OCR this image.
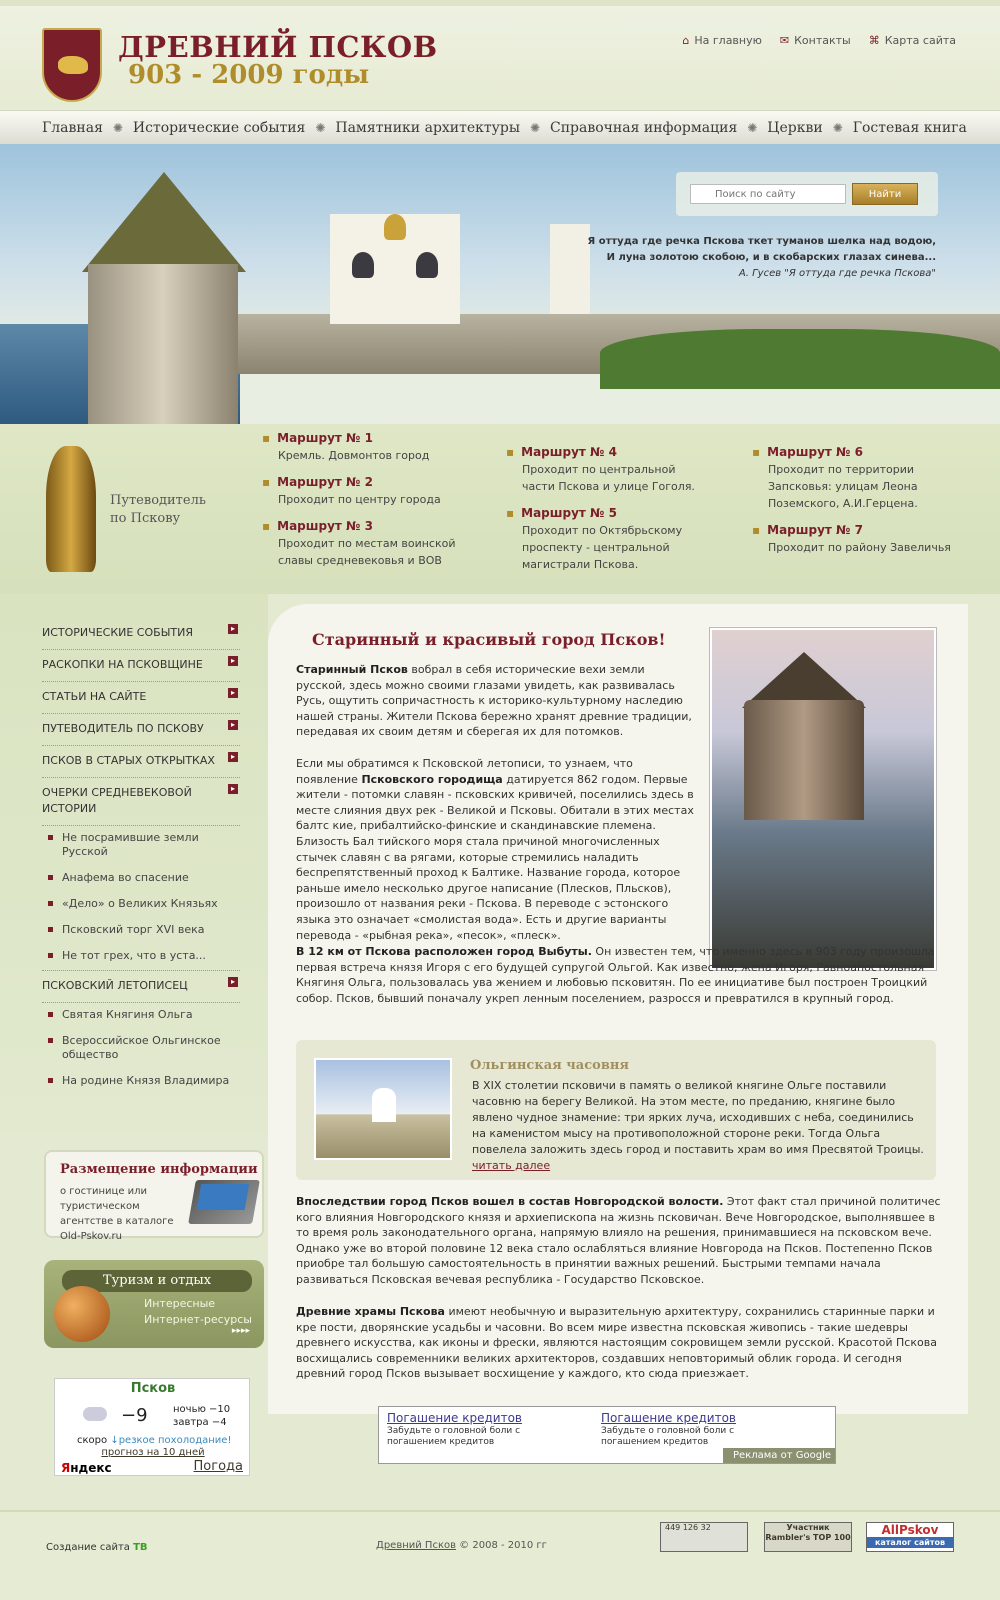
ДРЕВНИЙ ПСКОВ
903 - 2009 годы
⌂ На главную ✉ Контакты ⌘ Карта сайта
Главная ✺ Исторические события ✺ Памятники архитектуры ✺ Справочная информация ✺ Церкви ✺ Гостевая книга
Поиск по сайту
Найти
Я оттуда где речка Псковa ткет туманов шелка над водою,
И луна золотою скобою, и в скобарских глазах синева...
А. Гусев "Я оттуда где речка Псковa"
Путеводитель
по Пскову
▪ Маршрут № 1
Кремль. Довмонтов город
▪ Маршрут № 2
Проходит по центру города
▪ Маршрут № 3
Проходит по местам воинской славы средневековья и ВОВ
▪ Маршрут № 4
Проходит по центральной части Пскова и улице Гоголя.
▪ Маршрут № 5
Проходит по Октябрьскому проспекту - центральной магистрали Пскова.
▪ Маршрут № 6
Проходит по территории Запсковья: улицам Леона Поземского, А.И.Герцена.
▪ Маршрут № 7
Проходит по району Завеличья
ИСТОРИЧЕСКИЕ СОБЫТИЯ ▸
РАСКОПКИ НА ПСКОВЩИНЕ ▸
СТАТЬИ НА САЙТЕ ▸
ПУТЕВОДИТЕЛЬ ПО ПСКОВУ ▸
ПСКОВ В СТАРЫХ ОТКРЫТКАХ ▸
ОЧЕРКИ СРЕДНЕВЕКОВОЙ ИСТОРИИ ▸
Не посрамившие земли Русской
Анафема во спасение
«Дело» о Великих Князьях
Псковский торг XVI века
Не тот грех, что в уста...
ПСКОВСКИЙ ЛЕТОПИСЕЦ ▸
Святая Княгиня Ольга
Всероссийское Ольгинское общество
На родине Князя Владимира
Размещение информации
о гостинице или туристическом агентстве в каталоге Old-Pskov.ru
Туризм и отдых
Интересные
Интернет-ресурсы
▸▸▸▸
Псков
−9	ночью −10
завтра −4
скоро ↓резкое похолодание!
прогноз на 10 дней
Яндекс	Погода
Старинный и красивый город Псков!
Старинный Псков вобрал в себя исторические вехи земли русской, здесь можно своими глазами увидеть, как развивалась Русь, ощутить сопричастность к историко-культурному наследию нашей страны. Жители Пскова бережно хранят древние традиции, передавая их своим детям и сберегая их для потомков.
Если мы обратимся к Псковской летописи, то узнаем, что появление Псковского городища датируется 862 годом. Первые жители - потомки славян - псковских кривичей, поселились здесь в месте слияния двух рек - Великой и Псковы. Обитали в этих местах балтс кие, прибалтийско-финские и скандинавские племена. Близость Бал тийского моря стала причиной многочисленных стычек славян с ва рягами, которые стремились наладить беспрепятственный проход к Балтике. Название города, которое раньше имело несколько другое написание (Плесков, Пльсков), произошло от названия реки - Псковa. В переводе с эстонского языка это означает «смолистая вода». Есть и другие варианты перевода - «рыбная река», «песок», «плеск».
В 12 км от Пскова расположен город Выбуты. Он известен тем, что именно здесь в 903 году произошла первая встреча князя Игоря с его будущей супругой Ольгой. Как известно, жена Игоря, Равноапостольная Княгиня Ольга, пользовалась ува жением и любовью псковитян. По ее инициативе был построен Троицкий собор. Псков, бывший поначалу укреп ленным поселением, разросся и превратился в крупный город.
Ольгинская часовня
В XIX столетии псковичи в память о великой княгине Ольге поставили часовню на берегу Великой. На этом месте, по преданию, княгине было явлено чудное знамение: три ярких луча, исходивших с неба, соединились на каменистом мысу на противоположной стороне реки. Тогда Ольга повелела заложить здесь город и поставить храм во имя Пресвятой Троицы. читать далее
Впоследствии город Псков вошел в состав Новгородской волости. Этот факт стал причиной политичес кого влияния Новгородского князя и архиепископа на жизнь псковичан. Вече Новгородское, выполнявшее в то время роль законодательного органа, напрямую влияло на решения, принимавшиеся на псковском вече. Однако уже во второй половине 12 века стало ослабляться влияние Новгорода на Псков. Постепенно Псков приобре тал большую самостоятельность в принятии важных решений. Быстрыми темпами начала развиваться Псковская вечевая республика - Государство Псковское.
Древние храмы Пскова имеют необычную и выразительную архитектуру, сохранились старинные парки и кре пости, дворянские усадьбы и часовни. Во всем мире известна псковская живопись - такие шедевры древнего искусства, как иконы и фрески, являются настоящим сокровищем земли русской. Красотой Пскова восхищались современники великих архитекторов, создавших неповторимый облик города. И сегодня древний город Псков вызывает восхищение у каждого, кто сюда приезжает.
Погашение кредитов
Забудьте о головной боли с погашением кредитов
Погашение кредитов
Забудьте о головной боли с погашением кредитов
Реклама от Google
Создание сайта TB	Древний Псков © 2008 - 2010 гг
449 126 32	Участник Rambler's TOP 100
AllPskov
каталог сайтов
